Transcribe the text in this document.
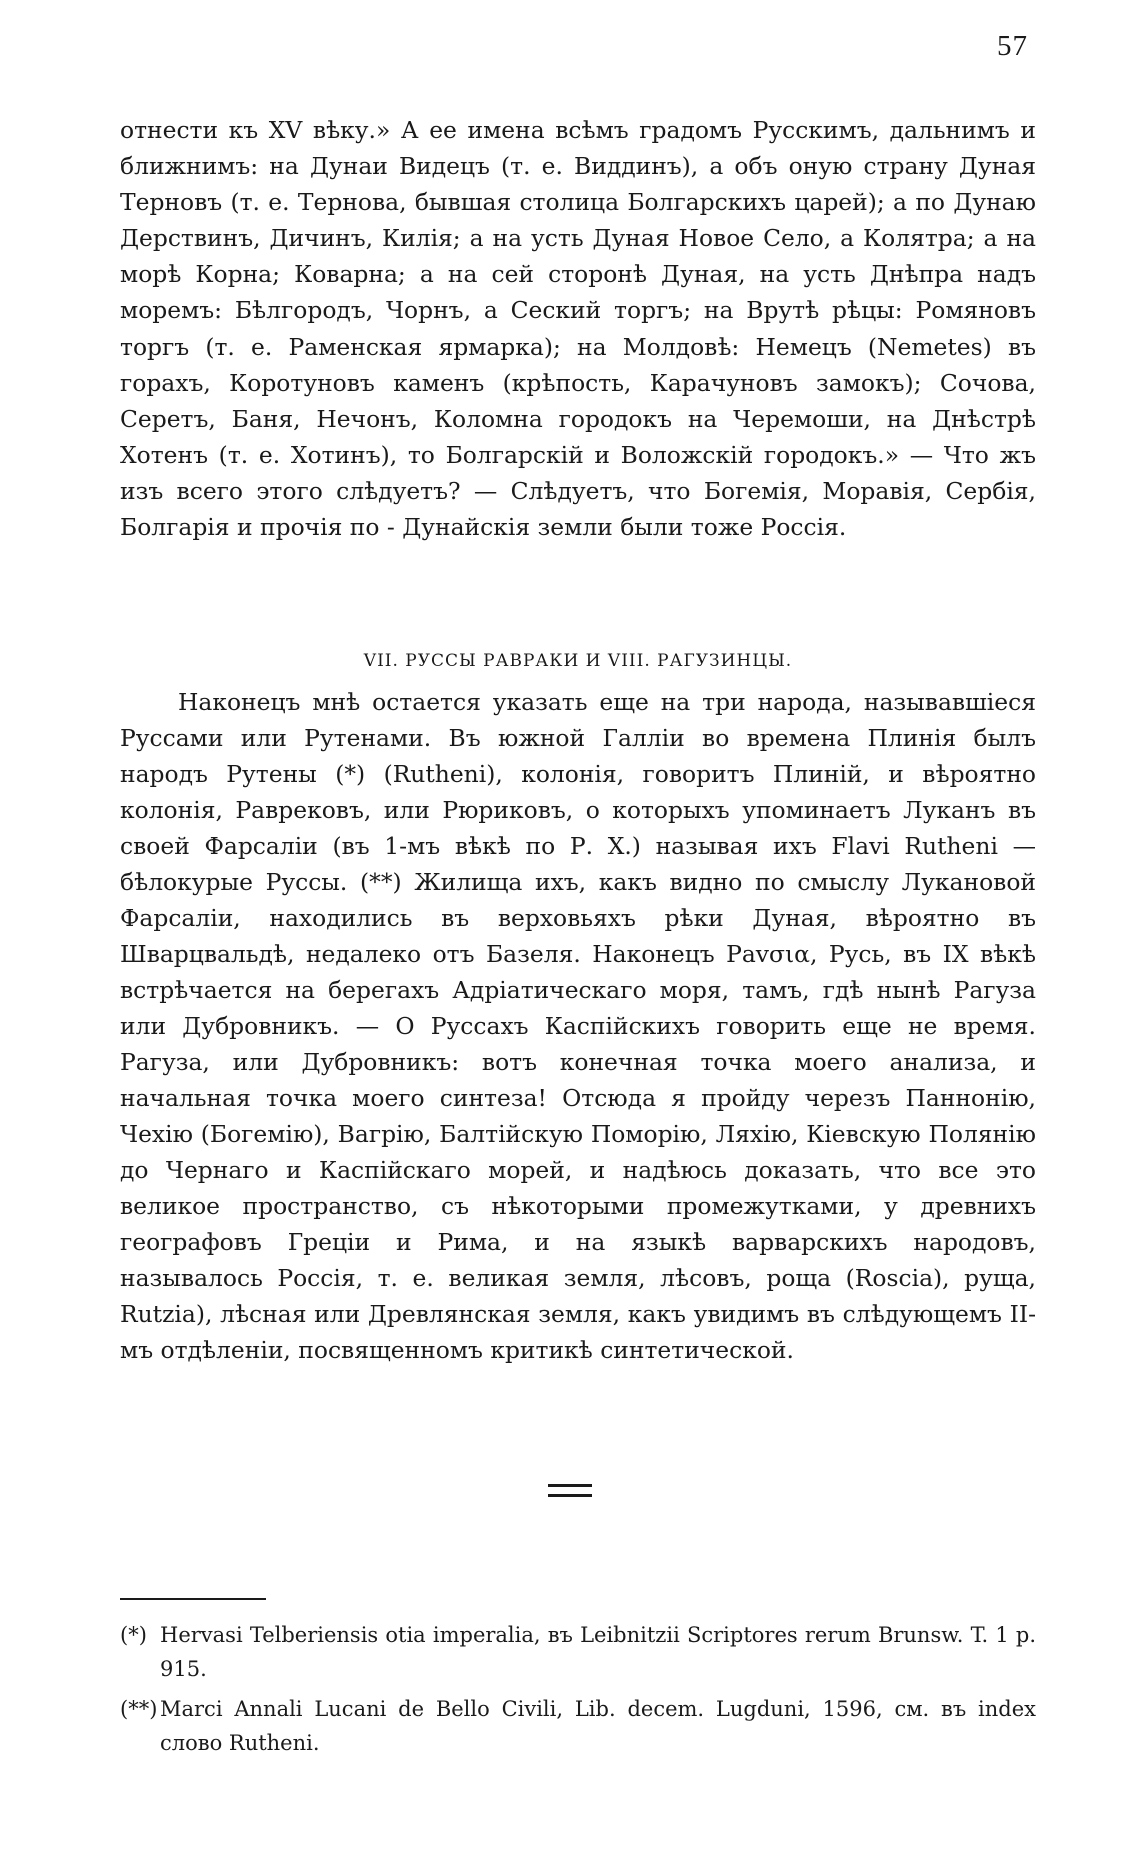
57

отнести къ XV вѣку.» А ее имена всѣмъ градомъ Русскимъ, дальнимъ и ближнимъ: на Дунаи Видецъ (т. е. Виддинъ), а объ оную страну Дуная Терновъ (т. е. Тернова, бывшая столица Болгарскихъ царей); а по Дунаю Дерствинъ, Дичинъ, Килія; а на усть Дуная Новое Село, а Колятра; а на морѣ Корна; Коварна; а на сей сторонѣ Дуная, на усть Днѣпра надъ моремъ: Бѣлгородъ, Чорнъ, а Сеский торгъ; на Врутѣ рѣцы: Ромяновъ торгъ (т. е. Раменская ярмарка); на Молдовѣ: Немецъ (Nemetes) въ горахъ, Коротуновъ каменъ (крѣпость, Карачуновъ замокъ); Сочова, Серетъ, Баня, Нечонъ, Коломна городокъ на Черемоши, на Днѣстрѣ Хотенъ (т. е. Хотинъ), то Болгарскій и Воложскій городокъ.» — Что жъ изъ всего этого слѣдуетъ? — Слѣдуетъ, что Богемія, Моравія, Сербія, Болгарія и прочія по - Дунайскія земли были тоже Россія.

VII. РУССЫ РАВРАКИ И VIII. РАГУЗИНЦЫ.

Наконецъ мнѣ остается указать еще на три народа, называвшіеся Руссами или Рутенами. Въ южной Галліи во времена Плинія былъ народъ Рутены (*) (Rutheni), колонія, говоритъ Плиній, и вѣроятно колонія, Раврековъ, или Рюриковъ, о которыхъ упоминаетъ Луканъ въ своей Фарсаліи (въ 1-мъ вѣкѣ по Р. Х.) называя ихъ Flavi Rutheni — бѣлокурые Руссы. (**) Жилища ихъ, какъ видно по смыслу Лукановой Фарсаліи, находились въ верховьяхъ рѣки Дуная, вѣроятно въ Шварцвальдѣ, недалеко отъ Базеля. Наконецъ Раvσια, Русь, въ IX вѣкѣ встрѣчается на берегахъ Адріатическаго моря, тамъ, гдѣ нынѣ Рагуза или Дубровникъ. — О Руссахъ Каспійскихъ говорить еще не время. Рагуза, или Дубровникъ: вотъ конечная точка моего анализа, и начальная точка моего синтеза! Отсюда я пройду черезъ Паннонію, Чехію (Богемію), Вагрію, Балтійскую Поморію, Ляхію, Кіевскую Полянію до Чернаго и Каспійскаго морей, и надѣюсь доказать, что все это великое пространство, съ нѣкоторыми промежутками, у древнихъ географовъ Греціи и Рима, и на языкѣ варварскихъ народовъ, называлось Россія, т. е. великая земля, лѣсовъ, роща (Roscia), руща, Rutzia), лѣсная или Древлянская земля, какъ увидимъ въ слѣдующемъ II-мъ отдѣленіи, посвященномъ критикѣ синтетической.

(*) Hervasi Telberiensis otia imperalia, въ Leibnitzii Scriptores rerum Brunsw. T. 1 p. 915.

(**) Marci Annali Lucani de Bello Civili, Lib. decem. Lugduni, 1596, см. въ index слово Rutheni.
